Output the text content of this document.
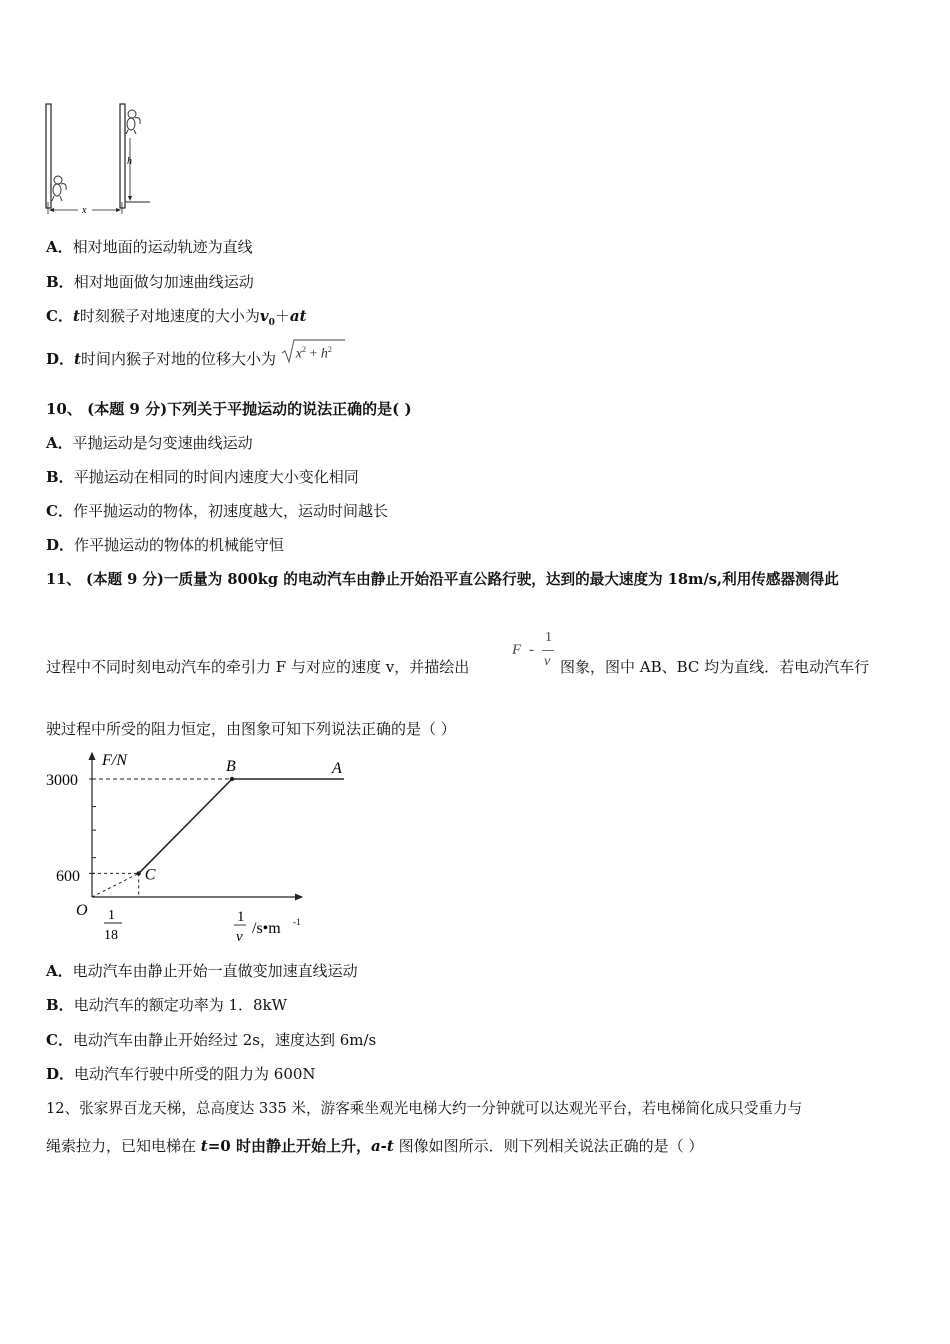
h
x
A．相对地面的运动轨迹为直线
B．相对地面做匀加速曲线运动
C．t时刻猴子对地速度的大小为$v_0+at$
D．t时间内猴子对地的位移大小为 $x^2 + h^2$
10、 (本题 9 分)下列关于平抛运动的说法正确的是( )
A．平抛运动是匀变速曲线运动
B．平抛运动在相同的时间内速度大小变化相同
C．作平抛运动的物体，初速度越大，运动时间越长
D．作平抛运动的物体的机械能守恒
11、 (本题 9 分)一质量为 800kg 的电动汽车由静止开始沿平直公路行驶，达到的最大速度为 18m/s,利用传感器测得此
过程中不同时刻电动汽车的牵引力 F 与对应的速度 v，并描绘出
F -
1
v 图象，图中 AB、BC 均为直线．若电动汽车行
驶过程中所受的阻力恒定，由图象可知下列说法正确的是（ ）
C
B	A
F/N
O
3000
600
1
18
1
v /s•m -1
A．电动汽车由静止开始一直做变加速直线运动
B．电动汽车的额定功率为 1．8kW
C．电动汽车由静止开始经过 2s，速度达到 6m/s
D．电动汽车行驶中所受的阻力为 600N
12、张家界百龙天梯，总高度达 335 米，游客乘坐观光电梯大约一分钟就可以达观光平台，若电梯简化成只受重力与
绳索拉力，已知电梯在 t=0 时由静止开始上升，a-t 图像如图所示．则下列相关说法正确的是（ ）
